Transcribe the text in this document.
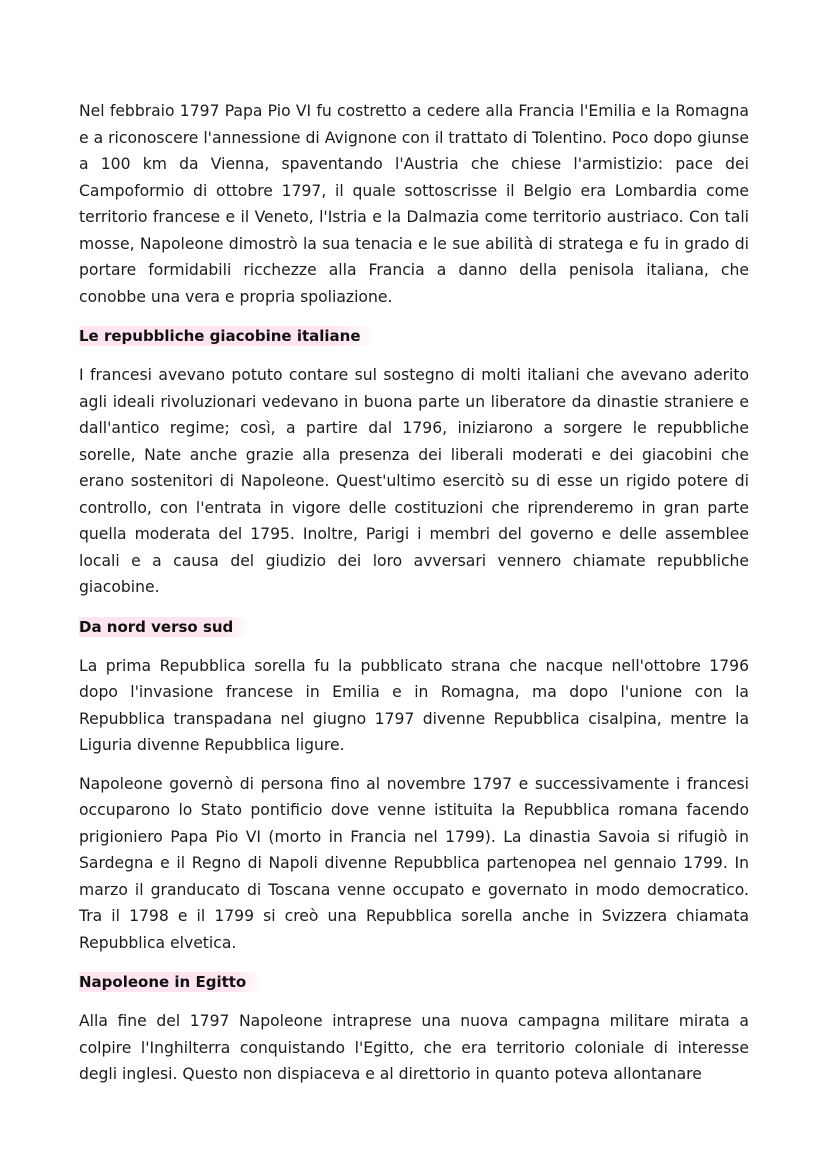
Nel febbraio 1797 Papa Pio VI fu costretto a cedere alla Francia l'Emilia e la Romagna e a riconoscere l'annessione di Avignone con il trattato di Tolentino. Poco dopo giunse a 100 km da Vienna, spaventando l'Austria che chiese l'armistizio: pace dei Campoformio di ottobre 1797, il quale sottoscrisse il Belgio era Lombardia come territorio francese e il Veneto, l'Istria e la Dalmazia come territorio austriaco. Con tali mosse, Napoleone dimostrò la sua tenacia e le sue abilità di stratega e fu in grado di portare formidabili ricchezze alla Francia a danno della penisola italiana, che conobbe una vera e propria spoliazione.

Le repubbliche giacobine italiane

I francesi avevano potuto contare sul sostegno di molti italiani che avevano aderito agli ideali rivoluzionari vedevano in buona parte un liberatore da dinastie straniere e dall'antico regime; così, a partire dal 1796, iniziarono a sorgere le repubbliche sorelle, Nate anche grazie alla presenza dei liberali moderati e dei giacobini che erano sostenitori di Napoleone. Quest'ultimo esercitò su di esse un rigido potere di controllo, con l'entrata in vigore delle costituzioni che riprenderemo in gran parte quella moderata del 1795. Inoltre, Parigi i membri del governo e delle assemblee locali e a causa del giudizio dei loro avversari vennero chiamate repubbliche giacobine.

Da nord verso sud

La prima Repubblica sorella fu la pubblicato strana che nacque nell'ottobre 1796 dopo l'invasione francese in Emilia e in Romagna, ma dopo l'unione con la Repubblica transpadana nel giugno 1797 divenne Repubblica cisalpina, mentre la Liguria divenne Repubblica ligure.

Napoleone governò di persona fino al novembre 1797 e successivamente i francesi occuparono lo Stato pontificio dove venne istituita la Repubblica romana facendo prigioniero Papa Pio VI (morto in Francia nel 1799). La dinastia Savoia si rifugiò in Sardegna e il Regno di Napoli divenne Repubblica partenopea nel gennaio 1799. In marzo il granducato di Toscana venne occupato e governato in modo democratico. Tra il 1798 e il 1799 si creò una Repubblica sorella anche in Svizzera chiamata Repubblica elvetica.

Napoleone in Egitto

Alla fine del 1797 Napoleone intraprese una nuova campagna militare mirata a colpire l'Inghilterra conquistando l'Egitto, che era territorio coloniale di interesse degli inglesi. Questo non dispiaceva e al direttorio in quanto poteva allontanare
